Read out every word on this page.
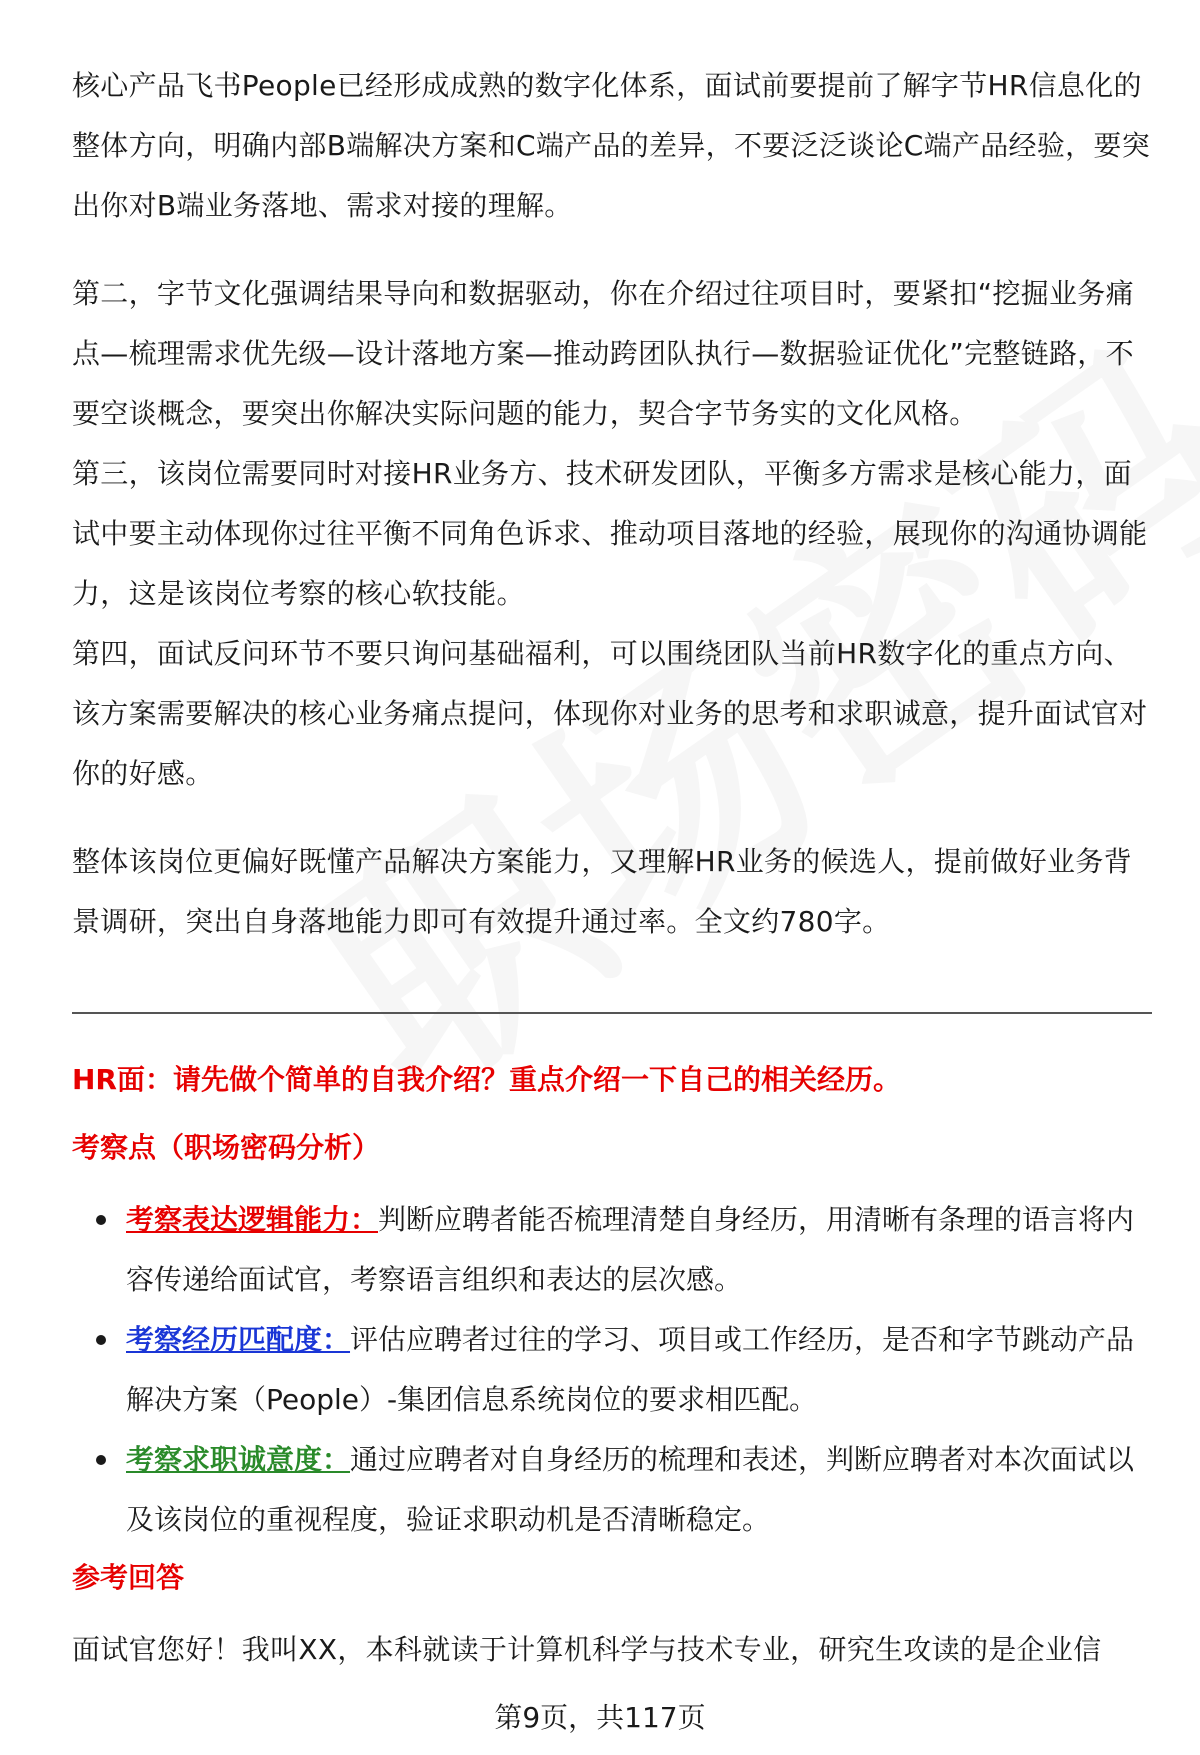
核心产品飞书People已经形成成熟的数字化体系，面试前要提前了解字节HR信息化的整体方向，明确内部B端解决方案和C端产品的差异，不要泛泛谈论C端产品经验，要突出你对B端业务落地、需求对接的理解。

第二，字节文化强调结果导向和数据驱动，你在介绍过往项目时，要紧扣“挖掘业务痛点—梳理需求优先级—设计落地方案—推动跨团队执行—数据验证优化”完整链路，不要空谈概念，要突出你解决实际问题的能力，契合字节务实的文化风格。

第三，该岗位需要同时对接HR业务方、技术研发团队，平衡多方需求是核心能力，面试中要主动体现你过往平衡不同角色诉求、推动项目落地的经验，展现你的沟通协调能力，这是该岗位考察的核心软技能。

第四，面试反问环节不要只询问基础福利，可以围绕团队当前HR数字化的重点方向、该方案需要解决的核心业务痛点提问，体现你对业务的思考和求职诚意，提升面试官对你的好感。

整体该岗位更偏好既懂产品解决方案能力，又理解HR业务的候选人，提前做好业务背景调研，突出自身落地能力即可有效提升通过率。全文约780字。

HR面：请先做个简单的自我介绍？重点介绍一下自己的相关经历。
考察点（职场密码分析）
考察表达逻辑能力：判断应聘者能否梳理清楚自身经历，用清晰有条理的语言将内容传递给面试官，考察语言组织和表达的层次感。
考察经历匹配度：评估应聘者过往的学习、项目或工作经历，是否和字节跳动产品解决方案（People）-集团信息系统岗位的要求相匹配。
考察求职诚意度：通过应聘者对自身经历的梳理和表述，判断应聘者对本次面试以及该岗位的重视程度，验证求职动机是否清晰稳定。
参考回答

面试官您好！我叫XX，本科就读于计算机科学与技术专业，研究生攻读的是企业信

第9页，共117页
